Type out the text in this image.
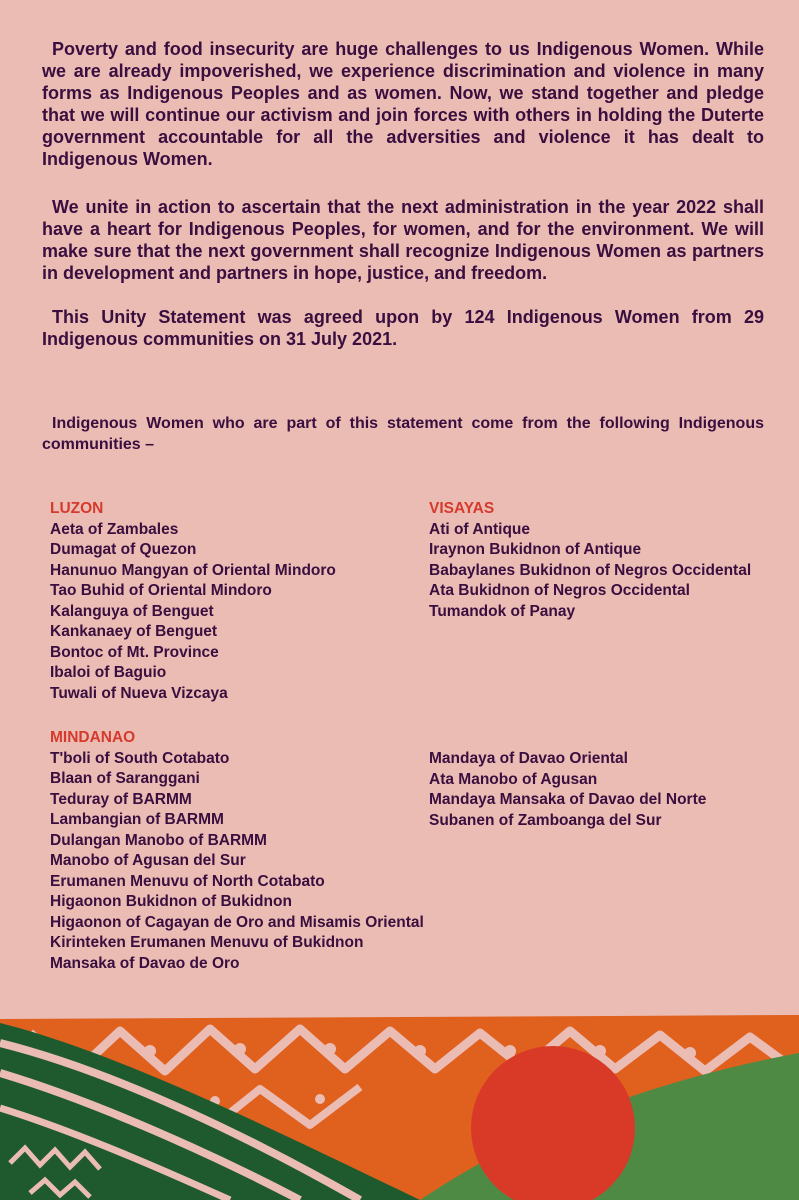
Poverty and food insecurity are huge challenges to us Indigenous Women. While we are already impoverished, we experience discrimination and violence in many forms as Indigenous Peoples and as women. Now, we stand together and pledge that we will continue our activism and join forces with others in holding the Duterte government accountable for all the adversities and violence it has dealt to Indigenous Women.

We unite in action to ascertain that the next administration in the year 2022 shall have a heart for Indigenous Peoples, for women, and for the environment. We will make sure that the next government shall recognize Indigenous Women as partners in development and partners in hope, justice, and freedom.

This Unity Statement was agreed upon by 124 Indigenous Women from 29 Indigenous communities on 31 July 2021.

Indigenous Women who are part of this statement come from the following Indigenous communities –

LUZON
Aeta of Zambales
Dumagat of Quezon
Hanunuo Mangyan of Oriental Mindoro
Tao Buhid of Oriental Mindoro
Kalanguya of Benguet
Kankanaey of Benguet
Bontoc of Mt. Province
Ibaloi of Baguio
Tuwali of Nueva Vizcaya
VISAYAS
Ati of Antique
Iraynon Bukidnon of Antique
Babaylanes Bukidnon of Negros Occidental
Ata Bukidnon of Negros Occidental
Tumandok of Panay
MINDANAO
T'boli of South Cotabato
Blaan of Saranggani
Teduray of BARMM
Lambangian of BARMM
Dulangan Manobo of BARMM
Manobo of Agusan del Sur
Erumanen Menuvu of North Cotabato
Higaonon Bukidnon of Bukidnon
Higaonon of Cagayan de Oro and Misamis Oriental
Kirinteken Erumanen Menuvu of Bukidnon
Mansaka of Davao de Oro
Mandaya of Davao Oriental
Ata Manobo of Agusan
Mandaya Mansaka of Davao del Norte
Subanen of Zamboanga del Sur
